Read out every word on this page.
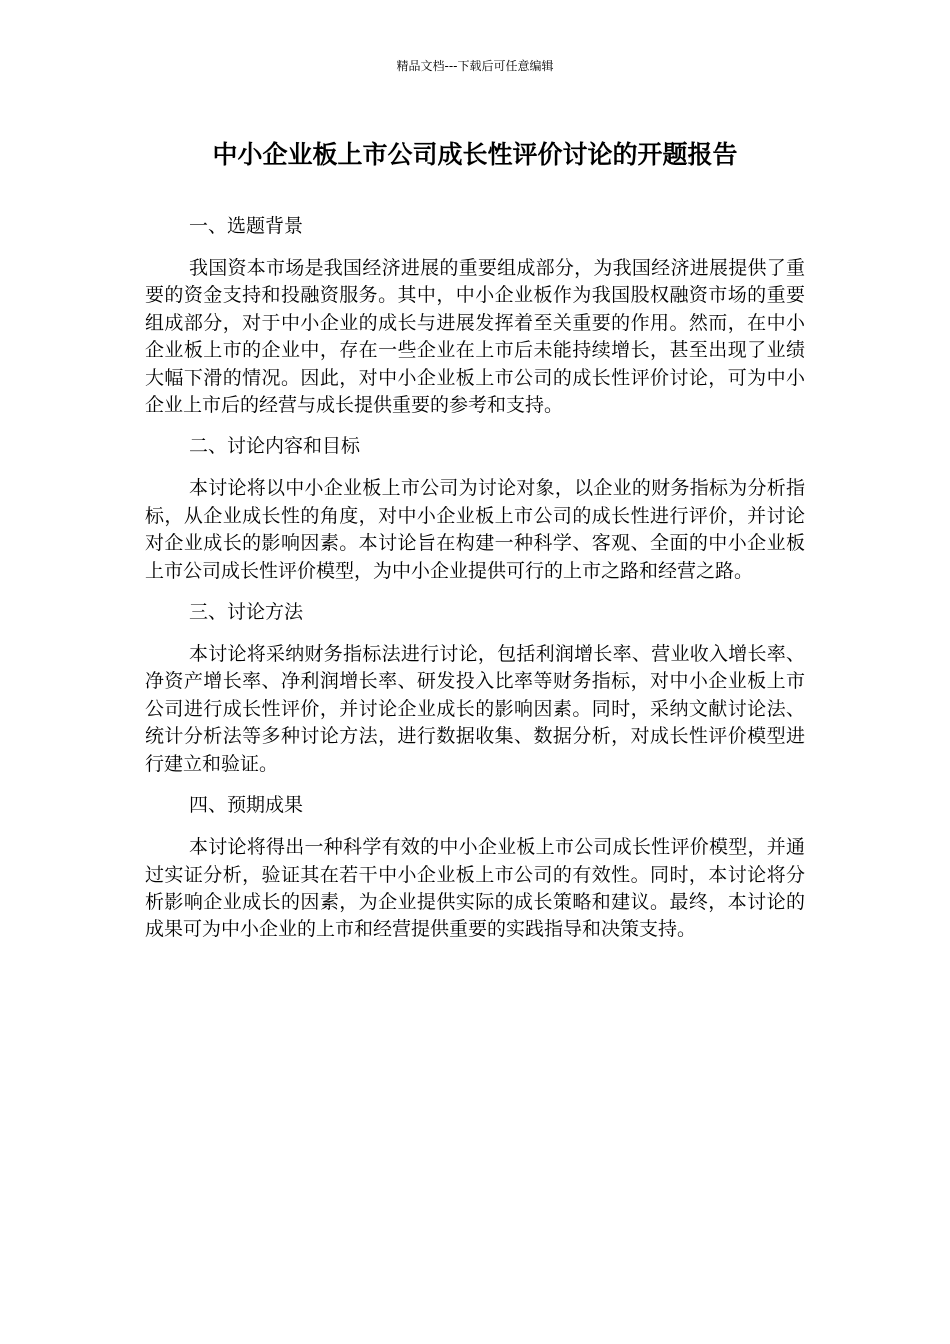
精品文档---下载后可任意编辑
中小企业板上市公司成长性评价讨论的开题报告

一、选题背景

我国资本市场是我国经济进展的重要组成部分，为我国经济进展提供了重要的资金支持和投融资服务。其中，中小企业板作为我国股权融资市场的重要组成部分，对于中小企业的成长与进展发挥着至关重要的作用。然而，在中小企业板上市的企业中，存在一些企业在上市后未能持续增长，甚至出现了业绩大幅下滑的情况。因此，对中小企业板上市公司的成长性评价讨论，可为中小企业上市后的经营与成长提供重要的参考和支持。

二、讨论内容和目标

本讨论将以中小企业板上市公司为讨论对象，以企业的财务指标为分析指标，从企业成长性的角度，对中小企业板上市公司的成长性进行评价，并讨论对企业成长的影响因素。本讨论旨在构建一种科学、客观、全面的中小企业板上市公司成长性评价模型，为中小企业提供可行的上市之路和经营之路。

三、讨论方法

本讨论将采纳财务指标法进行讨论，包括利润增长率、营业收入增长率、净资产增长率、净利润增长率、研发投入比率等财务指标，对中小企业板上市公司进行成长性评价，并讨论企业成长的影响因素。同时，采纳文献讨论法、统计分析法等多种讨论方法，进行数据收集、数据分析，对成长性评价模型进行建立和验证。

四、预期成果

本讨论将得出一种科学有效的中小企业板上市公司成长性评价模型，并通过实证分析，验证其在若干中小企业板上市公司的有效性。同时，本讨论将分析影响企业成长的因素，为企业提供实际的成长策略和建议。最终，本讨论的成果可为中小企业的上市和经营提供重要的实践指导和决策支持。
